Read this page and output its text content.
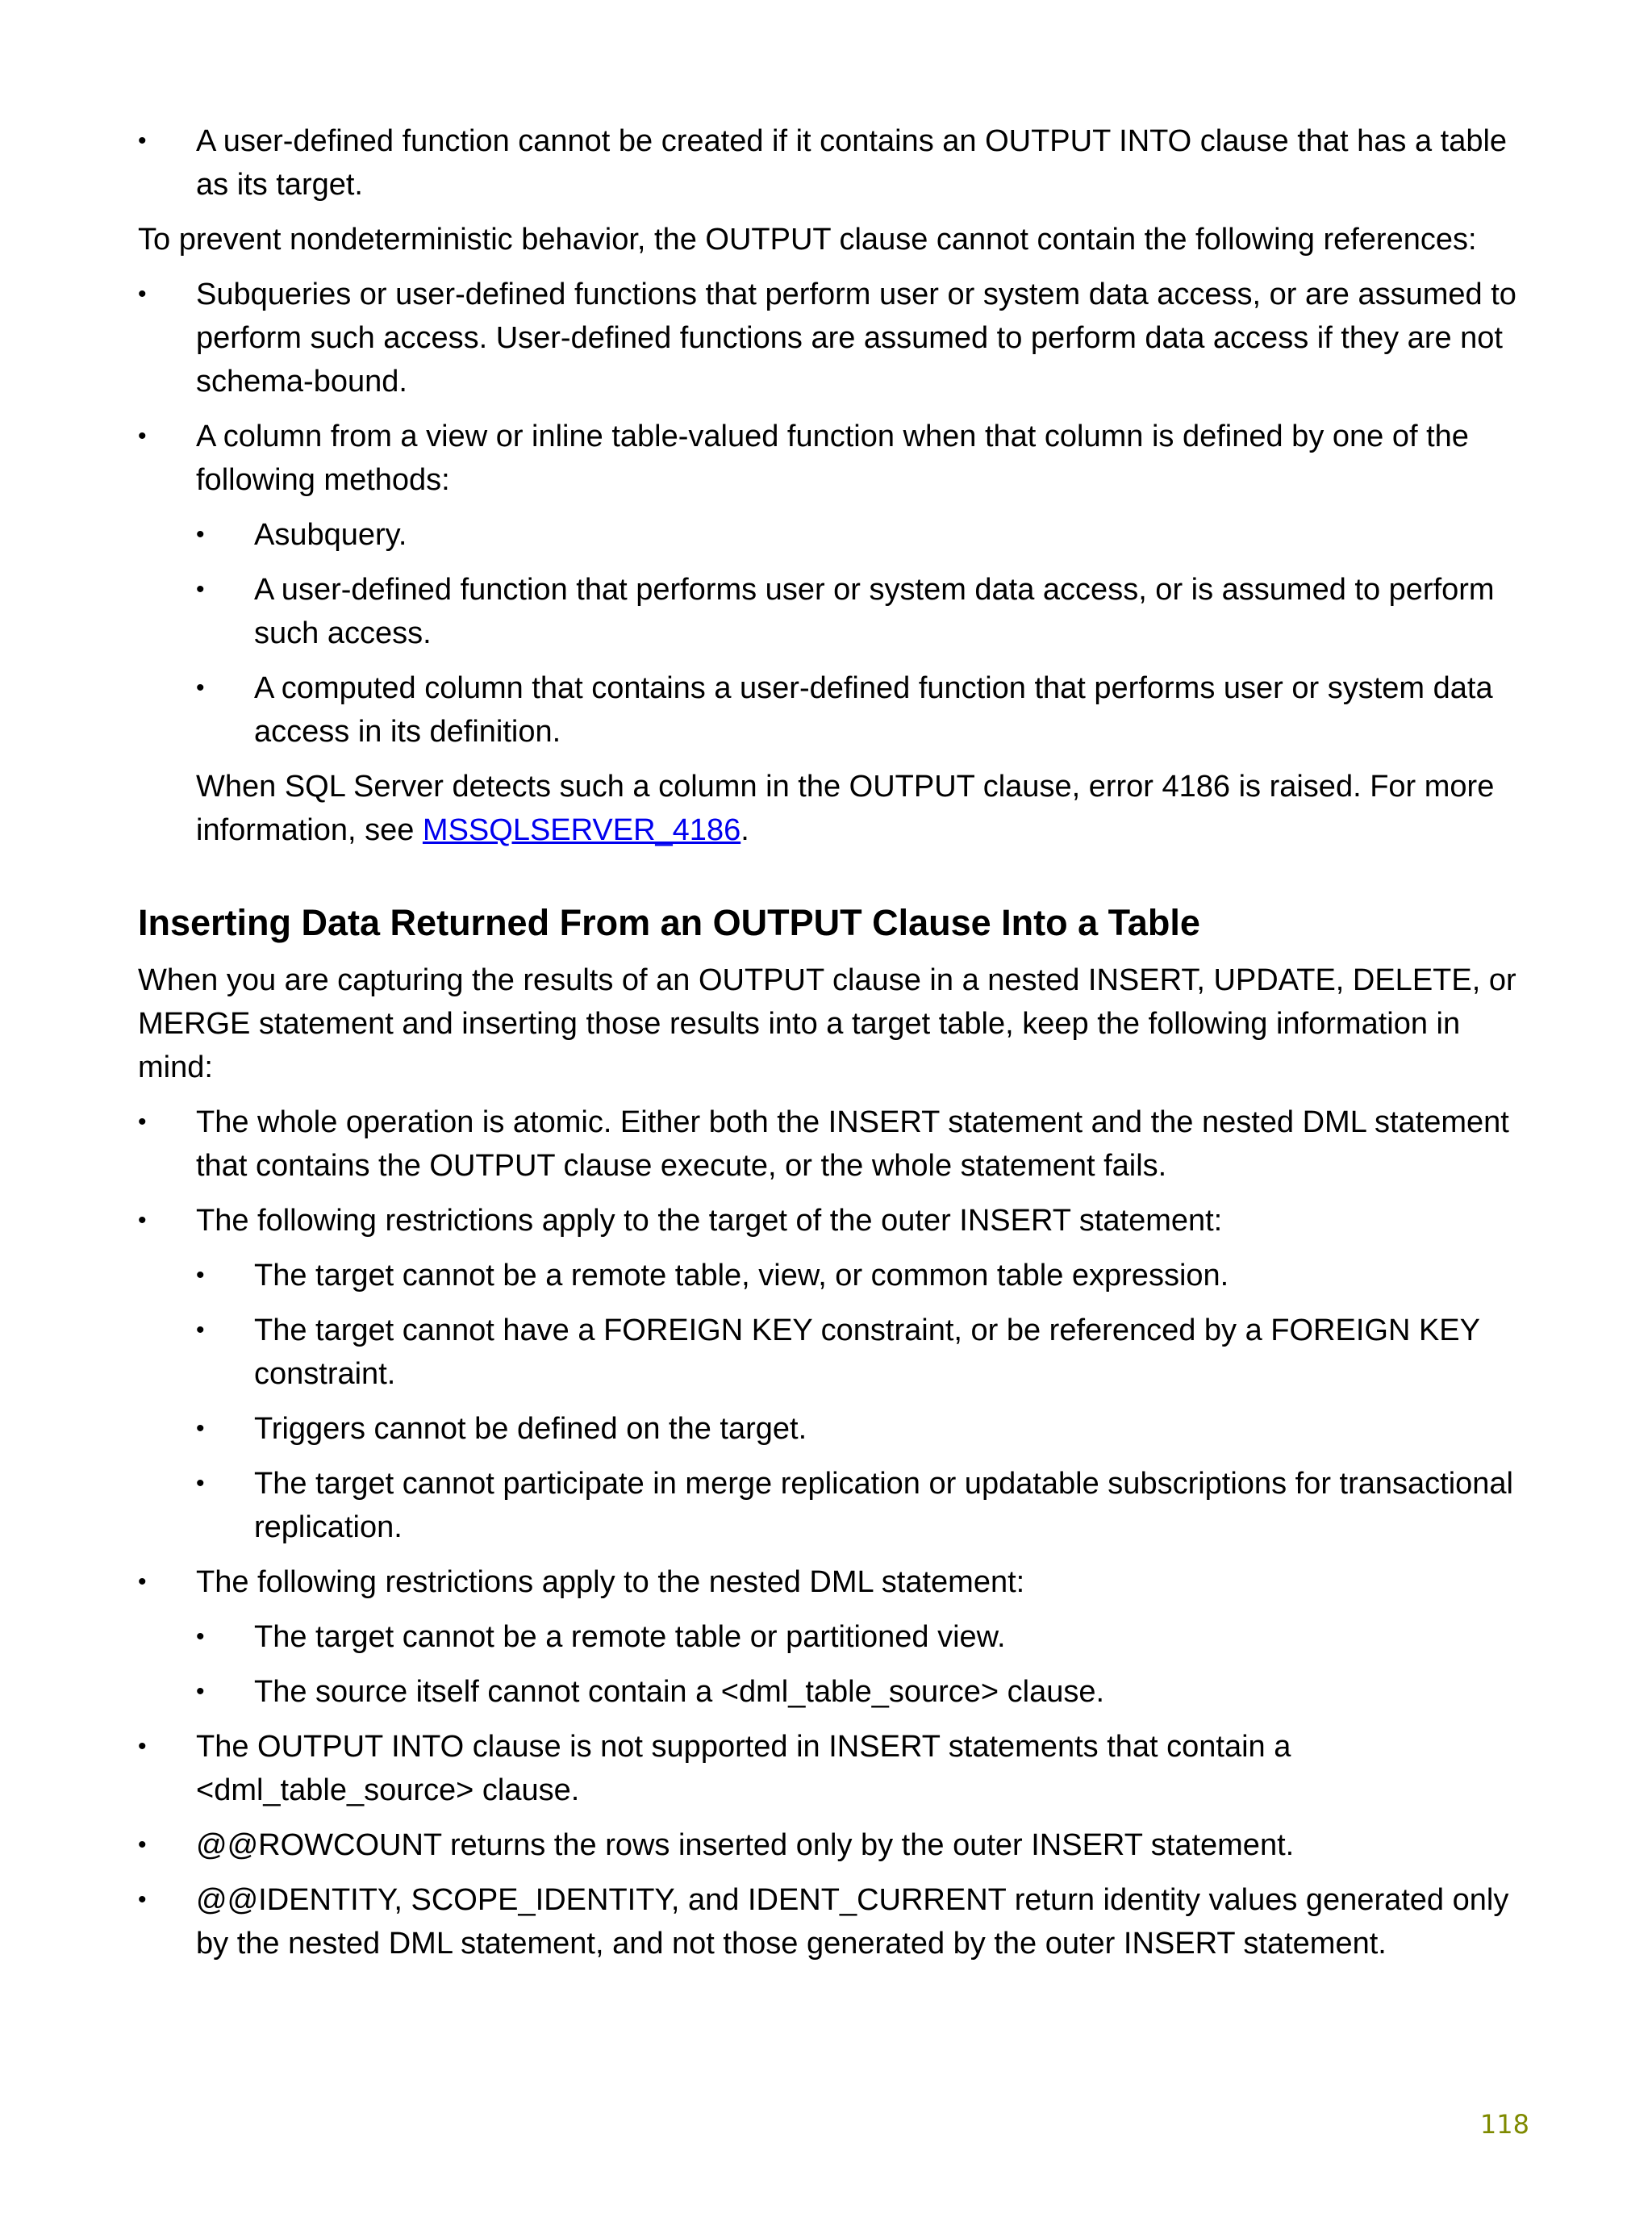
•	A user-defined function cannot be created if it contains an OUTPUT INTO clause that has a table as its target.

To prevent nondeterministic behavior, the OUTPUT clause cannot contain the following references:

•	Subqueries or user-defined functions that perform user or system data access, or are assumed to perform such access. User-defined functions are assumed to perform data access if they are not schema-bound.
•	A column from a view or inline table-valued function when that column is defined by one of the following methods:
•	Asubquery.
•	A user-defined function that performs user or system data access, or is assumed to perform such access.
•	A computed column that contains a user-defined function that performs user or system data access in its definition.

When SQL Server detects such a column in the OUTPUT clause, error 4186 is raised. For more information, see MSSQLSERVER_4186.

Inserting Data Returned From an OUTPUT Clause Into a Table

When you are capturing the results of an OUTPUT clause in a nested INSERT, UPDATE, DELETE, or MERGE statement and inserting those results into a target table, keep the following information in mind:

•	The whole operation is atomic. Either both the INSERT statement and the nested DML statement that contains the OUTPUT clause execute, or the whole statement fails.
•	The following restrictions apply to the target of the outer INSERT statement:
•	The target cannot be a remote table, view, or common table expression.
•	The target cannot have a FOREIGN KEY constraint, or be referenced by a FOREIGN KEY constraint.
•	Triggers cannot be defined on the target.
•	The target cannot participate in merge replication or updatable subscriptions for transactional replication.
•	The following restrictions apply to the nested DML statement:
•	The target cannot be a remote table or partitioned view.
•	The source itself cannot contain a <dml_table_source> clause.
•	The OUTPUT INTO clause is not supported in INSERT statements that contain a <dml_table_source> clause.
•	@@ROWCOUNT returns the rows inserted only by the outer INSERT statement.
•	@@IDENTITY, SCOPE_IDENTITY, and IDENT_CURRENT return identity values generated only by the nested DML statement, and not those generated by the outer INSERT statement.
118
